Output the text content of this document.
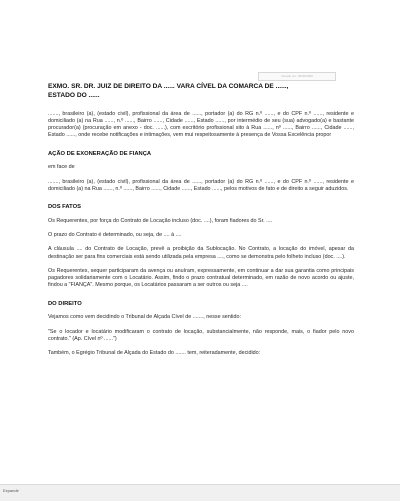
Gerado em: 00/00/0000
EXMO. SR. DR. JUIZ DE DIREITO DA ...... VARA CÍVEL DA COMARCA DE ......,
ESTADO DO ......

......., brasileiro (a), (estado civil), profissional da área de ......, portador (a) do RG n.º ......, e do CPF n.º ......, residente e domiciliado (a) na Rua ......, n.º ......, Bairro ......, Cidade ......, Estado ......, por intermédio de seu (sua) advogado(a) e bastante procurador(a) (procuração em anexo - doc. ......), com escritório profissional sito à Rua ......, nº ......, Bairro ......, Cidade ......, Estado ......, onde recebe notificações e intimações, vem mui respeitosamente à presença de Vossa Excelência propor

AÇÃO DE EXONERAÇÃO DE FIANÇA

em face de

......., brasileiro (a), (estado civil), profissional da área de ......, portador (a) do RG n.º ......, e do CPF n.º ......, residente e domiciliado (a) na Rua ......, n.º ......, Bairro ......, Cidade ......, Estado ......, pelos motivos de fato e de direito a seguir aduzidos.

DOS FATOS

Os Requerentes, por força do Contrato de Locação incluso (doc. ....), foram fiadores do Sr. ....

O prazo do Contrato é determinado, ou seja, de .... à ....

A cláusula .... do Contrato de Locação, prevê a proibição da Sublocação. No Contrato, a locação do imóvel, apesar da destinação ser para fins comerciais está sendo utilizada pela empresa ...., como se demonstra pelo folheto incluso (doc. ....).

Os Requerentes, sequer participaram da avença ou anuíram, expressamente, em continuar a dar sua garantia como principais pagadores solidariamente com o Locatário. Assim, findo o prazo contratual determinado, em razão de novo acordo ou ajuste, findou a "FIANÇA". Mesmo porque, os Locatários passaram a ser outros ou seja ....

DO DIREITO

Vejamos como vem decidindo o Tribunal de Alçada Cível de ......., nesse sentido:

"Se o locador e locatário modificaram o contrato de locação, substancialmente, não responde, mais, o fiador pelo novo contrato." (Ap. Cível nº ......")

Também, o Egrégio Tribunal de Alçada do Estado do ....... tem, reiteradamente, decidido:

Expandir
